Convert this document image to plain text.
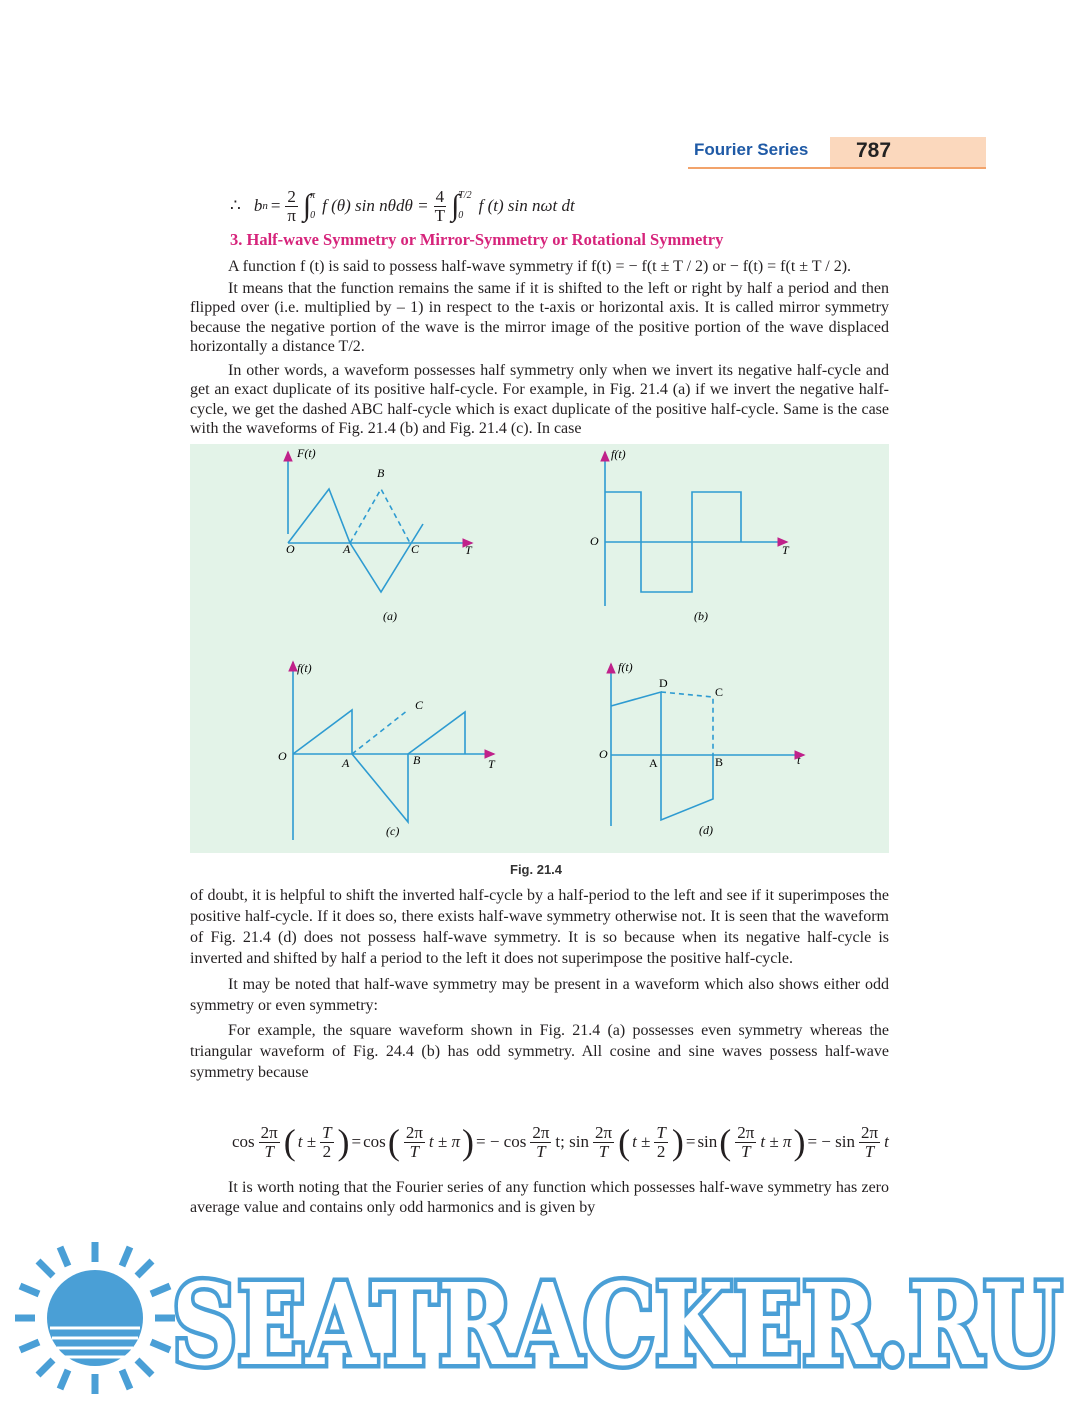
Fourier Series 787
∴ b $n = \frac{2}{\pi}$ ∫ π
0
f (θ) $\sin n\theta d\theta = \frac{4}{T}$ ∫ T/2
0
f (t) sin nωt dt
3. Half-wave Symmetry or Mirror-Symmetry or Rotational Symmetry

A function f (t) is said to possess half-wave symmetry if f(t) = − f(t ± T / 2) or − f(t) = f(t ± T / 2).

It means that the function remains the same if it is shifted to the left or right by half a period and then flipped over (i.e. multiplied by – 1) in respect to the t-axis or horizontal axis. It is called mirror symmetry because the negative portion of the wave is the mirror image of the positive portion of the wave displaced horizontally a distance T/2.

In other words, a waveform possesses half symmetry only when we invert its negative half-cycle and get an exact duplicate of its positive half-cycle. For example, in Fig. 21.4 (a) if we invert the negative half-cycle, we get the dashed ABC half-cycle which is exact duplicate of the positive half-cycle. Same is the case with the waveforms of Fig. 21.4 (b) and Fig. 21.4 (c). In case

F(t)
O	A
B
C	T
(a)
f(t)
O
T
(b)
f(t)
O	A	B
C
T
(c)
f(t)
O
A	B
C
D
t
(d)
Fig. 21.4

of doubt, it is helpful to shift the inverted half-cycle by a half-period to the left and see if it superimposes the positive half-cycle. If it does so, there exists half-wave symmetry otherwise not. It is seen that the waveform of Fig. 21.4 (d) does not possess half-wave symmetry. It is so because when its negative half-cycle is inverted and shifted by half a period to the left it does not superimpose the positive half-cycle.

It may be noted that half-wave symmetry may be present in a waveform which also shows either odd symmetry or even symmetry:

For example, the square waveform shown in Fig. 21.4 (a) possesses even symmetry whereas the triangular waveform of Fig. 24.4 (b) has odd symmetry. All cosine and sine waves possess half-wave symmetry because

$\cos \frac{2\pi}{T}$ ( $t \pm \frac{T}{2}$ ) = cos ( $\frac{2\pi}{T}$ t ± π ) = − $\cos \frac{2\pi}{T} t$; $\sin \frac{2\pi}{T}$ ( $t \pm \frac{T}{2}$ ) = sin ( $\frac{2\pi}{T}$ t ± π ) = − $\sin \frac{2\pi}{T}$ t

It is worth noting that the Fourier series of any function which possesses half-wave symmetry has zero average value and contains only odd harmonics and is given by

SEATRACKER.RU
